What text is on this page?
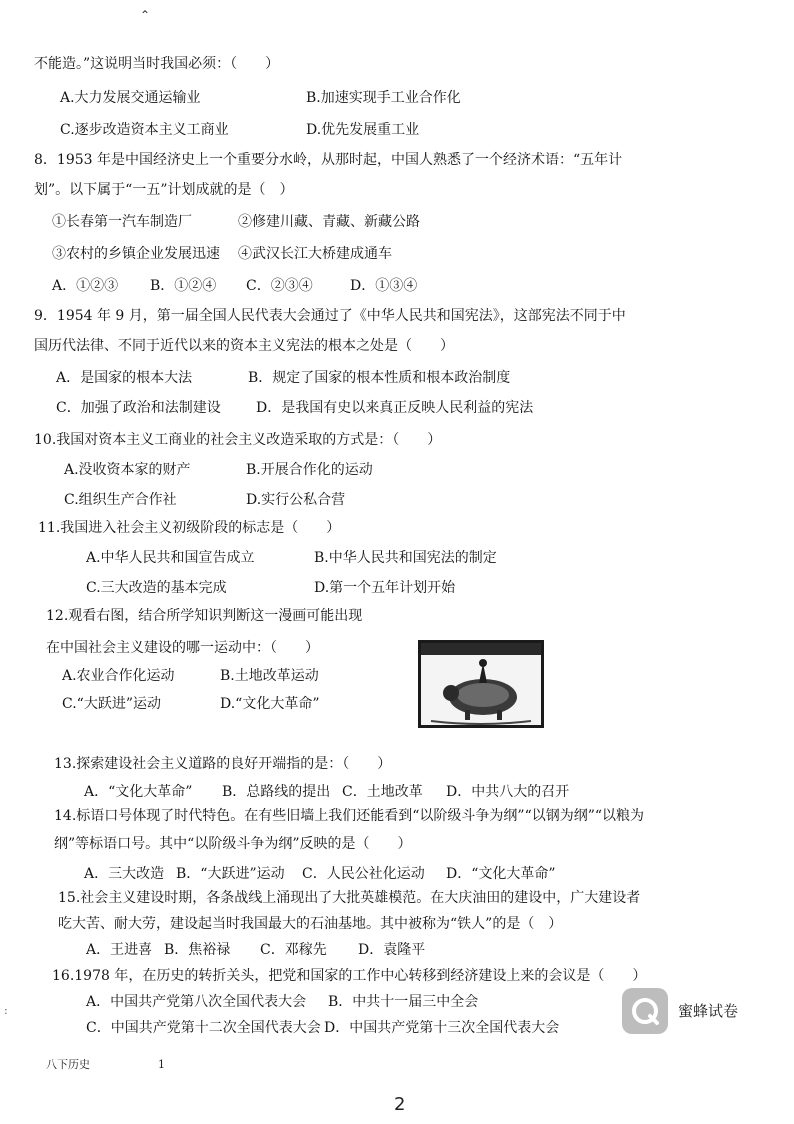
⌃
不能造。”这说明当时我国必须：（　　）
A.大力发展交通运输业	B.加速实现手工业合作化
C.逐步改造资本主义工商业	D.优先发展重工业
8．1953 年是中国经济史上一个重要分水岭，从那时起，中国人熟悉了一个经济术语：“五年计
划”。以下属于“一五”计划成就的是（　）
①长春第一汽车制造厂	②修建川藏、青藏、新藏公路
③农村的乡镇企业发展迅速 ④武汉长江大桥建成通车
A．①②③ B．①②④ C．②③④	D．①③④
9．1954 年 9 月，第一届全国人民代表大会通过了《中华人民共和国宪法》，这部宪法不同于中
国历代法律、不同于近代以来的资本主义宪法的根本之处是（　　）
A．是国家的根本大法	B．规定了国家的根本性质和根本政治制度
C．加强了政治和法制建设	D．是我国有史以来真正反映人民利益的宪法
10.我国对资本主义工商业的社会主义改造采取的方式是：（　　）
A.没收资本家的财产	B.开展合作化的运动
C.组织生产合作社	D.实行公私合营
11.我国进入社会主义初级阶段的标志是（　　）
A.中华人民共和国宣告成立	B.中华人民共和国宪法的制定
C.三大改造的基本完成	D.第一个五年计划开始
12.观看右图，结合所学知识判断这一漫画可能出现
在中国社会主义建设的哪一运动中：（　　）
A.农业合作化运动	B.土地改革运动
C.“大跃进”运动	D.“文化大革命”
13.探索建设社会主义道路的良好开端指的是：（　　）
A．“文化大革命” B．总路线的提出 C．土地改革 D．中共八大的召开
14.标语口号体现了时代特色。在有些旧墙上我们还能看到“以阶级斗争为纲”“以钢为纲”“以粮为
纲”等标语口号。其中“以阶级斗争为纲”反映的是（　　）
A．三大改造 B．“大跃进”运动 C．人民公社化运动 D．“文化大革命”
15.社会主义建设时期，各条战线上涌现出了大批英雄模范。在大庆油田的建设中，广大建设者
吃大苦、耐大劳，建设起当时我国最大的石油基地。其中被称为“铁人”的是（　）
A．王进喜 B．焦裕禄 C．邓稼先 D．袁隆平
16.1978 年，在历史的转折关头，把党和国家的工作中心转移到经济建设上来的会议是（　　）
A．中国共产党第八次全国代表大会 B．中共十一届三中全会
C．中国共产党第十二次全国代表大会 D．中国共产党第十三次全国代表大会
蜜蜂试卷
:
八下历史	1
2
